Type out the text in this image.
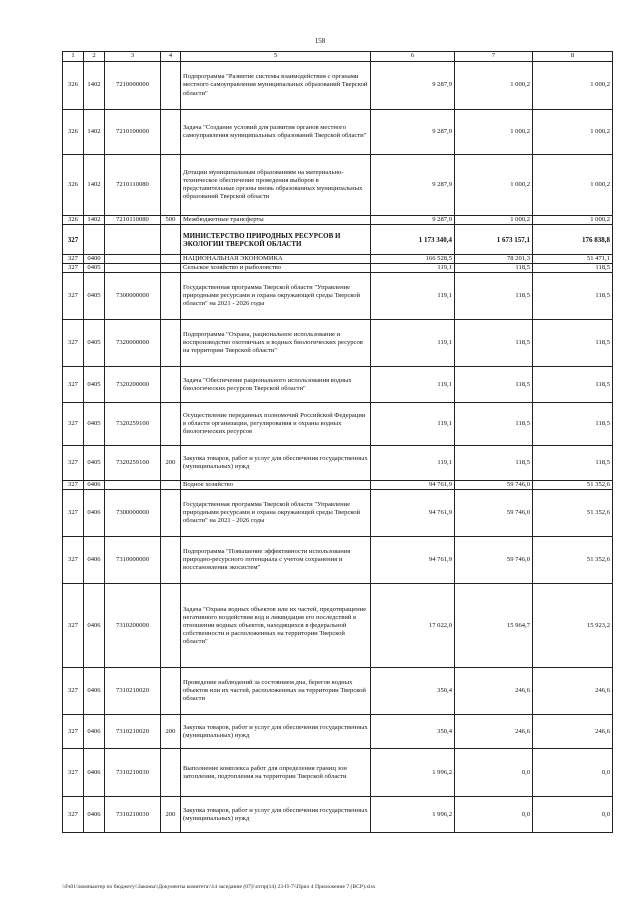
158
1	2	3	4	5	6	7	8
326	1402	7210000000		Подпрограмма "Развитие системы взаимодействия с органами местного самоуправления муниципальных образований Тверской области"	9 287,9	1 000,2	1 000,2
326	1402	7210100000		Задача "Создание условий для развития органов местного самоуправления муниципальных образований Тверской области"	9 287,9	1 000,2	1 000,2
326	1402	7210110080		Дотации муниципальным образованиям на материально-техническое обеспечение проведения выборов в представительные органы вновь образованных муниципальных образований Тверской области	9 287,9	1 000,2	1 000,2
326	1402	7210110080	500	Межбюджетные трансферты	9 287,9	1 000,2	1 000,2
327				МИНИСТЕРСТВО ПРИРОДНЫХ РЕСУРСОВ И ЭКОЛОГИИ ТВЕРСКОЙ ОБЛАСТИ	1 173 340,4	1 673 157,1	176 838,8
327	0400			НАЦИОНАЛЬНАЯ ЭКОНОМИКА	166 528,5	78 201,3	51 471,1
327	0405			Сельское хозяйство и рыболовство	119,1	118,5	118,5
327	0405	7300000000		Государственная программа Тверской области "Управление природными ресурсами и охрана окружающей среды Тверской области" на 2021 - 2026 годы	119,1	118,5	118,5
327	0405	7320000000		Подпрограмма "Охрана, рациональное использование и воспроизводство охотничьих и водных биологических ресурсов на территории Тверской области"	119,1	118,5	118,5
327	0405	7320200000		Задача "Обеспечение рационального использования водных биологических ресурсов Тверской области"	119,1	118,5	118,5
327	0405	7320259100		Осуществление переданных полномочий Российской Федерации в области организации, регулирования и охраны водных биологических ресурсов	119,1	118,5	118,5
327	0405	7320259100	200	Закупка товаров, работ и услуг для обеспечения государственных (муниципальных) нужд	119,1	118,5	118,5
327	0406			Водное хозяйство	94 761,9	59 746,0	51 352,6
327	0406	7300000000		Государственная программа Тверской области "Управление природными ресурсами и охрана окружающей среды Тверской области" на 2021 - 2026 годы	94 761,9	59 746,0	51 352,6
327	0406	7310000000		Подпрограмма "Повышение эффективности использования природно-ресурсного потенциала с учетом сохранения и восстановления экосистем"	94 761,9	59 746,0	51 352,6
327	0406	7310200000		Задача "Охрана водных объектов или их частей, предотвращение негативного воздействия вод и ликвидация его последствий в отношении водных объектов, находящихся в федеральной собственности и расположенных на территории Тверской области"	17 022,0	15 964,7	15 923,2
327	0406	7310210020		Проведение наблюдений за состоянием дна, берегов водных объектов или их частей, расположенных на территории Тверской области	350,4	246,6	246,6
327	0406	7310210020	200	Закупка товаров, работ и услуг для обеспечения государственных (муниципальных) нужд	350,4	246,6	246,6
327	0406	7310210030		Выполнение комплекса работ для определения границ зон затопления, подтопления на территории Тверской области	1 996,2	0,0	0,0
327	0406	7310210030	200	Закупка товаров, работ и услуг для обеспечения государственных (муниципальных) нужд	1 996,2	0,0	0,0
\\Fs01\\компьютер по бюджету\\Законы\\Документы комитета\\14 заседание (07)\\отпр(14) 23-П-7\\Прил 4 Приложение 7 (ВСР).xlsx
